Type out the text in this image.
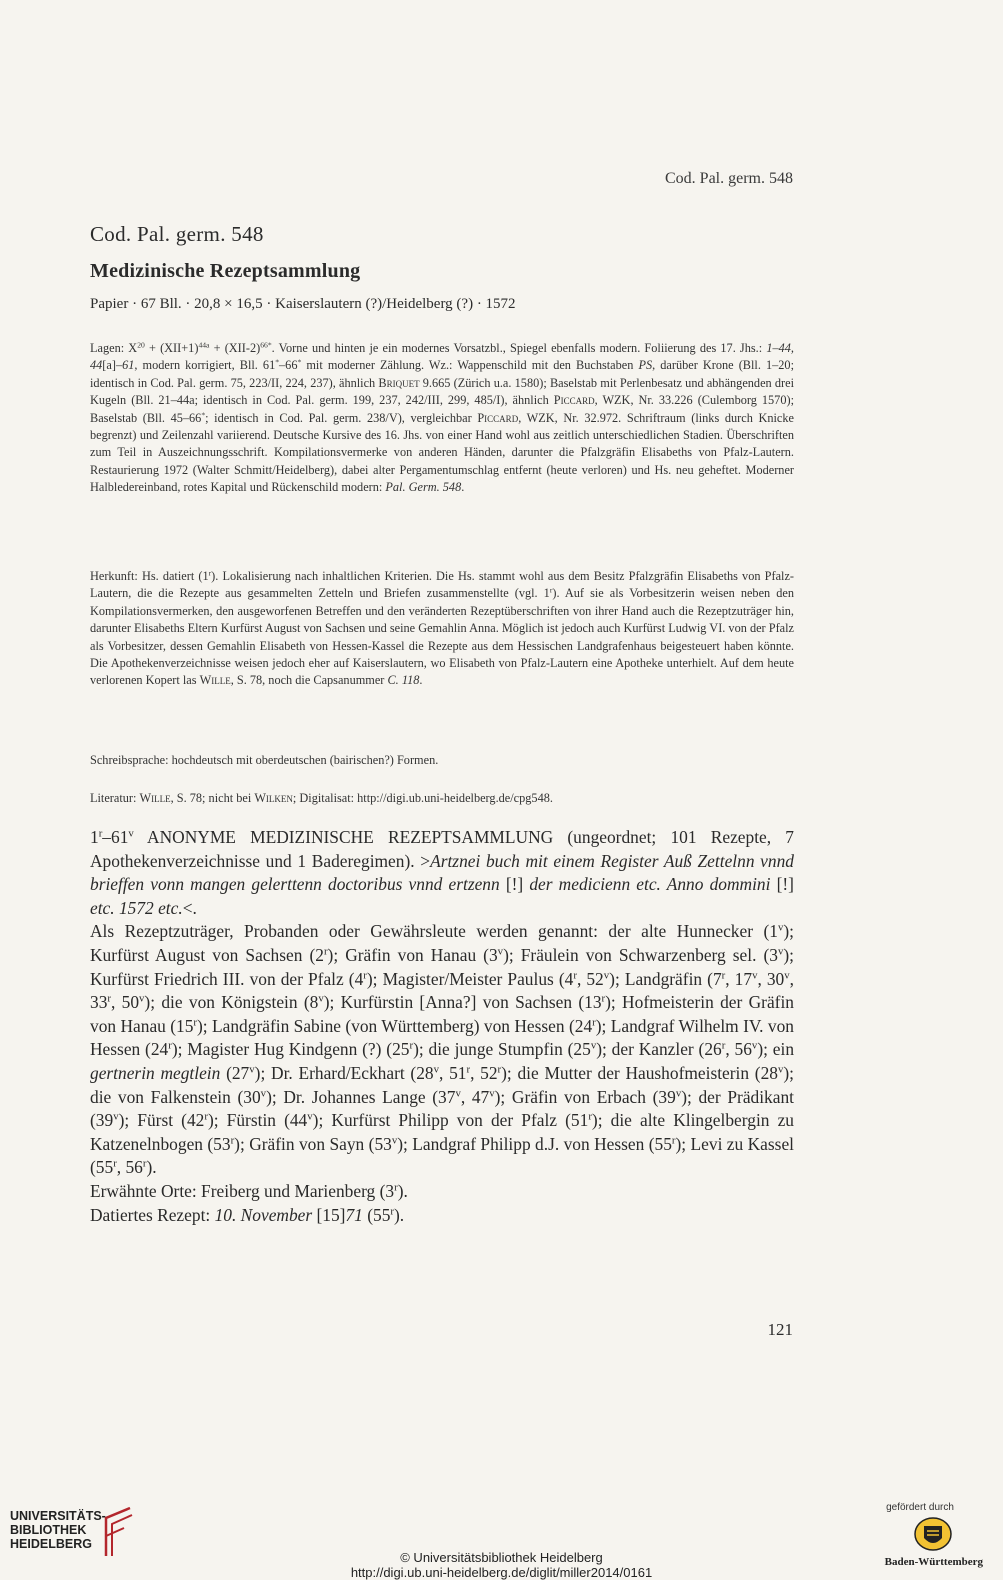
Cod. Pal. germ. 548
Cod. Pal. germ. 548
Medizinische Rezeptsammlung
Papier · 67 Bll. · 20,8 × 16,5 · Kaiserslautern (?)/Heidelberg (?) · 1572

Lagen: $X^{20} + (XII+1)^{44a} + (XII-2)^{66*}$. Vorne und hinten je ein modernes Vorsatzbl., Spiegel ebenfalls modern. Foliierung des 17. Jhs.: 1–44, 44[a]–61, modern korrigiert, Bll. 61*–66* mit moderner Zählung. Wz.: Wappenschild mit den Buchstaben PS, darüber Krone (Bll. 1–20; identisch in Cod. Pal. germ. 75, 223/II, 224, 237), ähnlich Briquet 9.665 (Zürich u.a. 1580); Baselstab mit Perlenbesatz und abhängenden drei Kugeln (Bll. 21–44a; identisch in Cod. Pal. germ. 199, 237, 242/III, 299, 485/I), ähnlich Piccard, WZK, Nr. 33.226 (Culemborg 1570); Baselstab (Bll. 45–66*; identisch in Cod. Pal. germ. 238/V), vergleichbar Piccard, WZK, Nr. 32.972. Schriftraum (links durch Knicke begrenzt) und Zeilenzahl variierend. Deutsche Kursive des 16. Jhs. von einer Hand wohl aus zeitlich unterschiedlichen Stadien. Überschriften zum Teil in Auszeichnungsschrift. Kompilationsvermerke von anderen Händen, darunter die Pfalzgräfin Elisabeths von Pfalz-Lautern. Restaurierung 1972 (Walter Schmitt/Heidelberg), dabei alter Pergamentumschlag entfernt (heute verloren) und Hs. neu geheftet. Moderner Halbledereinband, rotes Kapital und Rückenschild modern: Pal. Germ. 548.

Herkunft: Hs. datiert (1$^r$). Lokalisierung nach inhaltlichen Kriterien. Die Hs. stammt wohl aus dem Besitz Pfalzgräfin Elisabeths von Pfalz-Lautern, die die Rezepte aus gesammelten Zetteln und Briefen zusammenstellte (vgl. 1$^r$). Auf sie als Vorbesitzerin weisen neben den Kompilationsvermerken, den ausgeworfenen Betreffen und den veränderten Rezeptüberschriften von ihrer Hand auch die Rezeptzuträger hin, darunter Elisabeths Eltern Kurfürst August von Sachsen und seine Gemahlin Anna. Möglich ist jedoch auch Kurfürst Ludwig VI. von der Pfalz als Vorbesitzer, dessen Gemahlin Elisabeth von Hessen-Kassel die Rezepte aus dem Hessischen Landgrafenhaus beigesteuert haben könnte. Die Apothekenverzeichnisse weisen jedoch eher auf Kaiserslautern, wo Elisabeth von Pfalz-Lautern eine Apotheke unterhielt. Auf dem heute verlorenen Kopert las Wille, S. 78, noch die Capsanummer C. 118.

Schreibsprache: hochdeutsch mit oberdeutschen (bairischen?) Formen.

Literatur: Wille, S. 78; nicht bei Wilken; Digitalisat: http://digi.ub.uni-heidelberg.de/cpg548.

1$^r$–61$^v$ ANONYME MEDIZINISCHE REZEPTSAMMLUNG (ungeordnet; 101 Rezepte, 7 Apothekenverzeichnisse und 1 Baderegimen). >Artznei buch mit einem Register Auß Zettelnn vnnd brieffen vonn mangen gelerttenn doctoribus vnnd ertzenn [!] der medicienn etc. Anno dommini [!] etc. 1572 etc.<.

Als Rezeptzuträger, Probanden oder Gewährsleute werden genannt: der alte Hunnecker (1$^v$); Kurfürst August von Sachsen (2$^r$); Gräfin von Hanau (3$^v$); Fräulein von Schwarzenberg sel. (3$^v$); Kurfürst Friedrich III. von der Pfalz (4$^r$); Magister/Meister Paulus (4$^r$, 52$^v$); Landgräfin (7$^r$, 17$^v$, 30$^v$, 33$^r$, 50$^v$); die von Königstein (8$^v$); Kurfürstin [Anna?] von Sachsen (13$^r$); Hofmeisterin der Gräfin von Hanau (15$^r$); Landgräfin Sabine (von Württemberg) von Hessen (24$^r$); Landgraf Wilhelm IV. von Hessen (24$^r$); Magister Hug Kindgenn (?) (25$^r$); die junge Stumpfin (25$^v$); der Kanzler (26$^r$, 56$^v$); ein gertnerin megtlein (27$^v$); Dr. Erhard/Eckhart (28$^v$, 51$^r$, 52$^r$); die Mutter der Haushofmeisterin (28$^v$); die von Falkenstein (30$^v$); Dr. Johannes Lange (37$^v$, 47$^v$); Gräfin von Erbach (39$^v$); der Prädikant (39$^v$); Fürst (42$^r$); Fürstin (44$^v$); Kurfürst Philipp von der Pfalz (51$^r$); die alte Klingelbergin zu Katzenelnbogen (53$^r$); Gräfin von Sayn (53$^v$); Landgraf Philipp d.J. von Hessen (55$^r$); Levi zu Kassel (55$^r$, 56$^r$).

Erwähnte Orte: Freiberg und Marienberg (3$^r$).

Datiertes Rezept: 10. November [15]71 (55$^r$).

121
UNIVERSITÄTS-
BIBLIOTHEK
HEIDELBERG
© Universitätsbibliothek Heidelberg
http://digi.ub.uni-heidelberg.de/diglit/miller2014/0161
gefördert durch
Baden-Württemberg
